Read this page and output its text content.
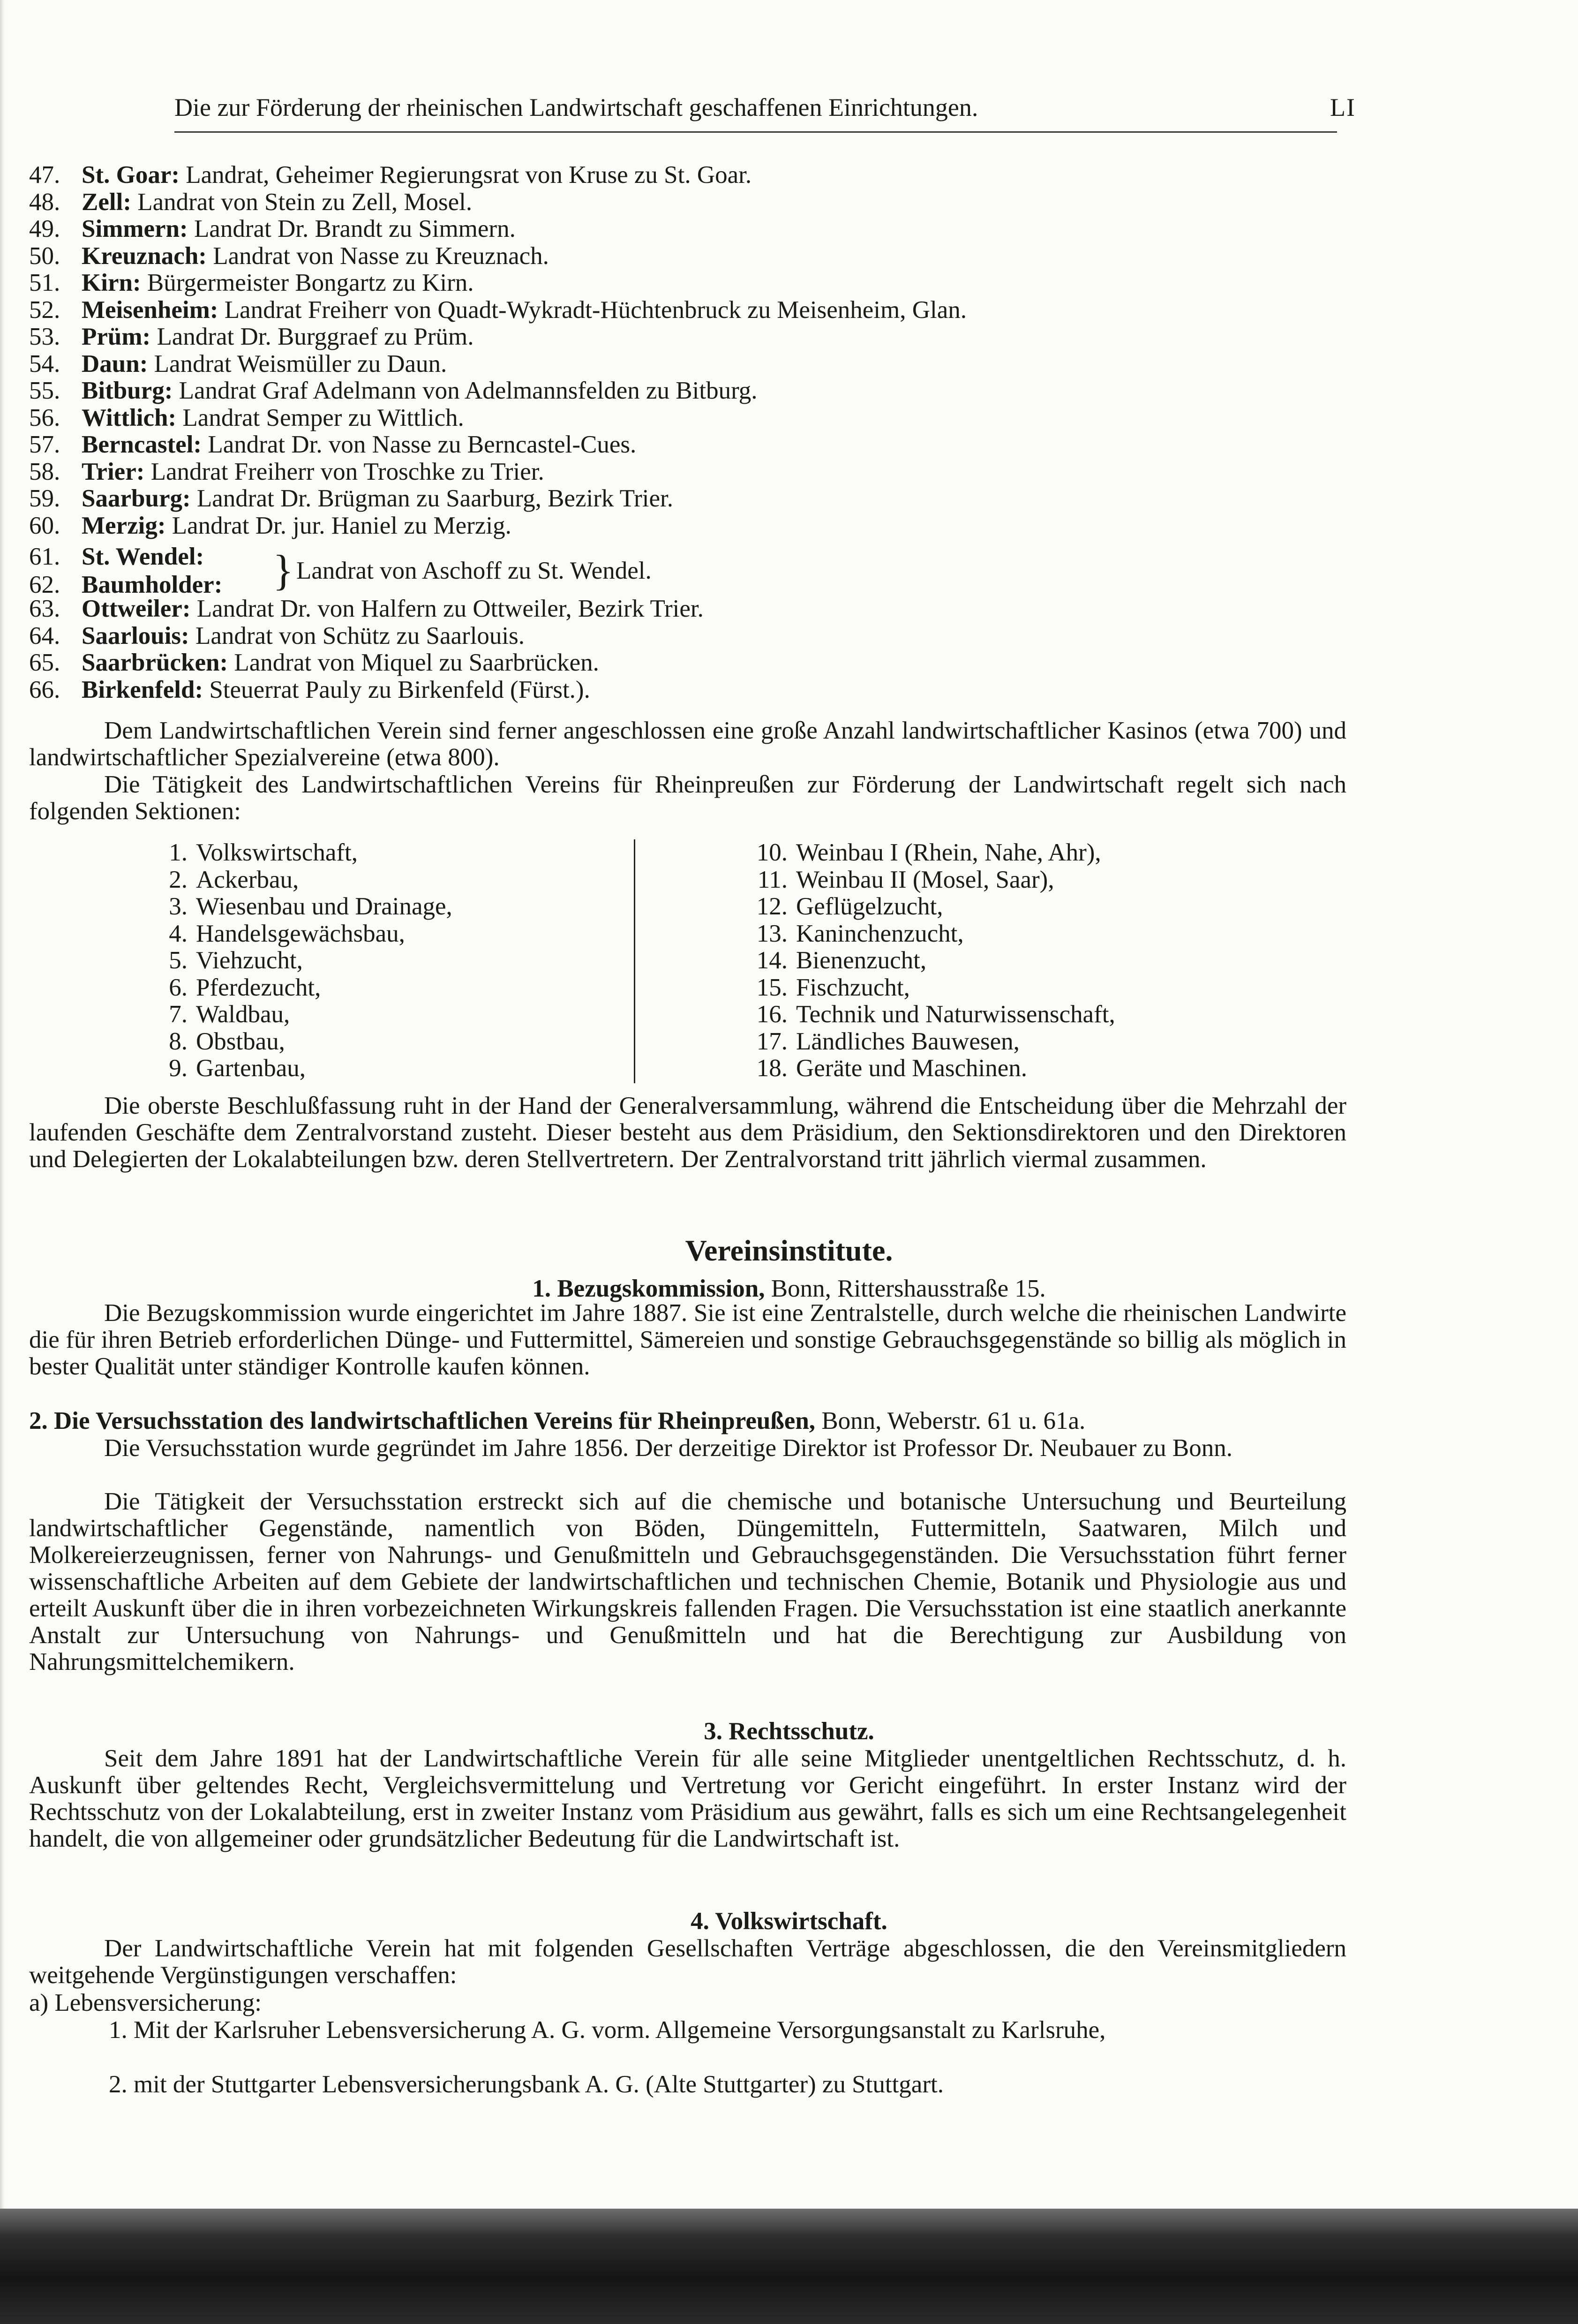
Die zur Förderung der rheinischen Landwirtschaft geschaffenen Einrichtungen.	LI
47. St. Goar: Landrat, Geheimer Regierungsrat von Kruse zu St. Goar.
48. Zell: Landrat von Stein zu Zell, Mosel.
49. Simmern: Landrat Dr. Brandt zu Simmern.
50. Kreuznach: Landrat von Nasse zu Kreuznach.
51. Kirn: Bürgermeister Bongartz zu Kirn.
52. Meisenheim: Landrat Freiherr von Quadt-Wykradt-Hüchtenbruck zu Meisenheim, Glan.
53. Prüm: Landrat Dr. Burggraef zu Prüm.
54. Daun: Landrat Weismüller zu Daun.
55. Bitburg: Landrat Graf Adelmann von Adelmannsfelden zu Bitburg.
56. Wittlich: Landrat Semper zu Wittlich.
57. Berncastel: Landrat Dr. von Nasse zu Berncastel-Cues.
58. Trier: Landrat Freiherr von Troschke zu Trier.
59. Saarburg: Landrat Dr. Brügman zu Saarburg, Bezirk Trier.
60. Merzig: Landrat Dr. jur. Haniel zu Merzig.
61. St. Wendel:
62. Baumholder: } Landrat von Aschoff zu St. Wendel.
63. Ottweiler: Landrat Dr. von Halfern zu Ottweiler, Bezirk Trier.
64. Saarlouis: Landrat von Schütz zu Saarlouis.
65. Saarbrücken: Landrat von Miquel zu Saarbrücken.
66. Birkenfeld: Steuerrat Pauly zu Birkenfeld (Fürst.).

Dem Landwirtschaftlichen Verein sind ferner angeschlossen eine große Anzahl landwirtschaftlicher Kasinos (etwa 700) und landwirtschaftlicher Spezialvereine (etwa 800).

Die Tätigkeit des Landwirtschaftlichen Vereins für Rheinpreußen zur Förderung der Landwirtschaft regelt sich nach folgenden Sektionen:

1. Volkswirtschaft,
2. Ackerbau,
3. Wiesenbau und Drainage,
4. Handelsgewächsbau,
5. Viehzucht,
6. Pferdezucht,
7. Waldbau,
8. Obstbau,
9. Gartenbau,
10. Weinbau I (Rhein, Nahe, Ahr),
11. Weinbau II (Mosel, Saar),
12. Geflügelzucht,
13. Kaninchenzucht,
14. Bienenzucht,
15. Fischzucht,
16. Technik und Naturwissenschaft,
17. Ländliches Bauwesen,
18. Geräte und Maschinen.

Die oberste Beschlußfassung ruht in der Hand der Generalversammlung, während die Entscheidung über die Mehrzahl der laufenden Geschäfte dem Zentralvorstand zusteht. Dieser besteht aus dem Präsidium, den Sektionsdirektoren und den Direktoren und Delegierten der Lokalabteilungen bzw. deren Stellvertretern. Der Zentralvorstand tritt jährlich viermal zusammen.

Vereinsinstitute.
1. Bezugskommission, Bonn, Rittershausstraße 15.

Die Bezugskommission wurde eingerichtet im Jahre 1887. Sie ist eine Zentralstelle, durch welche die rheinischen Landwirte die für ihren Betrieb erforderlichen Dünge- und Futtermittel, Sämereien und sonstige Gebrauchsgegenstände so billig als möglich in bester Qualität unter ständiger Kontrolle kaufen können.

2. Die Versuchsstation des landwirtschaftlichen Vereins für Rheinpreußen, Bonn, Weberstr. 61 u. 61a.

Die Versuchsstation wurde gegründet im Jahre 1856. Der derzeitige Direktor ist Professor Dr. Neubauer zu Bonn.

Die Tätigkeit der Versuchsstation erstreckt sich auf die chemische und botanische Untersuchung und Beurteilung landwirtschaftlicher Gegenstände, namentlich von Böden, Düngemitteln, Futtermitteln, Saatwaren, Milch und Molkereierzeugnissen, ferner von Nahrungs- und Genußmitteln und Gebrauchsgegenständen. Die Versuchsstation führt ferner wissenschaftliche Arbeiten auf dem Gebiete der landwirtschaftlichen und technischen Chemie, Botanik und Physiologie aus und erteilt Auskunft über die in ihren vorbezeichneten Wirkungskreis fallenden Fragen. Die Versuchsstation ist eine staatlich anerkannte Anstalt zur Untersuchung von Nahrungs- und Genußmitteln und hat die Berechtigung zur Ausbildung von Nahrungsmittelchemikern.

3. Rechtsschutz.

Seit dem Jahre 1891 hat der Landwirtschaftliche Verein für alle seine Mitglieder unentgeltlichen Rechtsschutz, d. h. Auskunft über geltendes Recht, Vergleichsvermittelung und Vertretung vor Gericht eingeführt. In erster Instanz wird der Rechtsschutz von der Lokalabteilung, erst in zweiter Instanz vom Präsidium aus gewährt, falls es sich um eine Rechtsangelegenheit handelt, die von allgemeiner oder grundsätzlicher Bedeutung für die Landwirtschaft ist.

4. Volkswirtschaft.

Der Landwirtschaftliche Verein hat mit folgenden Gesellschaften Verträge abgeschlossen, die den Vereinsmitgliedern weitgehende Vergünstigungen verschaffen:

a) Lebensversicherung:
1. Mit der Karlsruher Lebensversicherung A. G. vorm. Allgemeine Versorgungsanstalt zu Karlsruhe,
2. mit der Stuttgarter Lebensversicherungsbank A. G. (Alte Stuttgarter) zu Stuttgart.
